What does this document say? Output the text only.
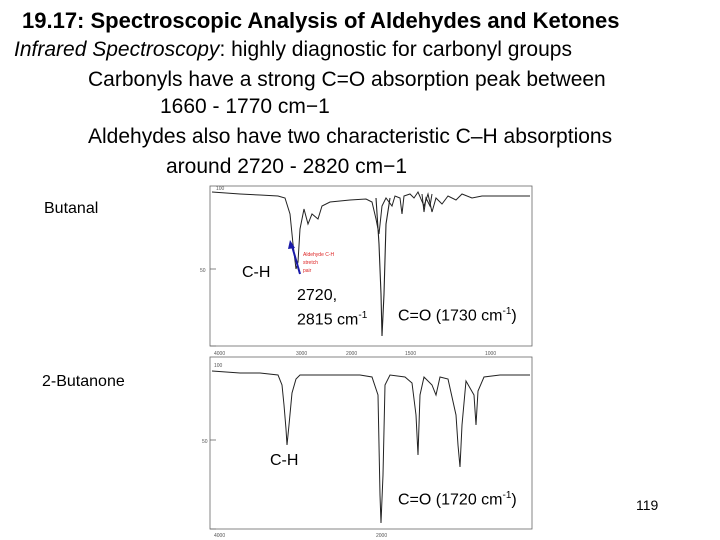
19.17: Spectroscopic Analysis of Aldehydes and Ketones
Infrared Spectroscopy: highly diagnostic for carbonyl groups
Carbonyls have a strong C=O absorption peak between
1660 - 1770 cm−1
Aldehydes also have two characteristic C–H absorptions
around 2720 - 2820 cm−1
100
50
4000	3000	2000	1500	1000
Aldehyde C-H
stretch
pair
100
50
4000	2000
Butanal
C-H
2720,
2815 $cm^{-1}$ C=O (1730 $cm^{-1}$)
2-Butanone
C-H
C=O (1720 $cm^{-1}$)	119
